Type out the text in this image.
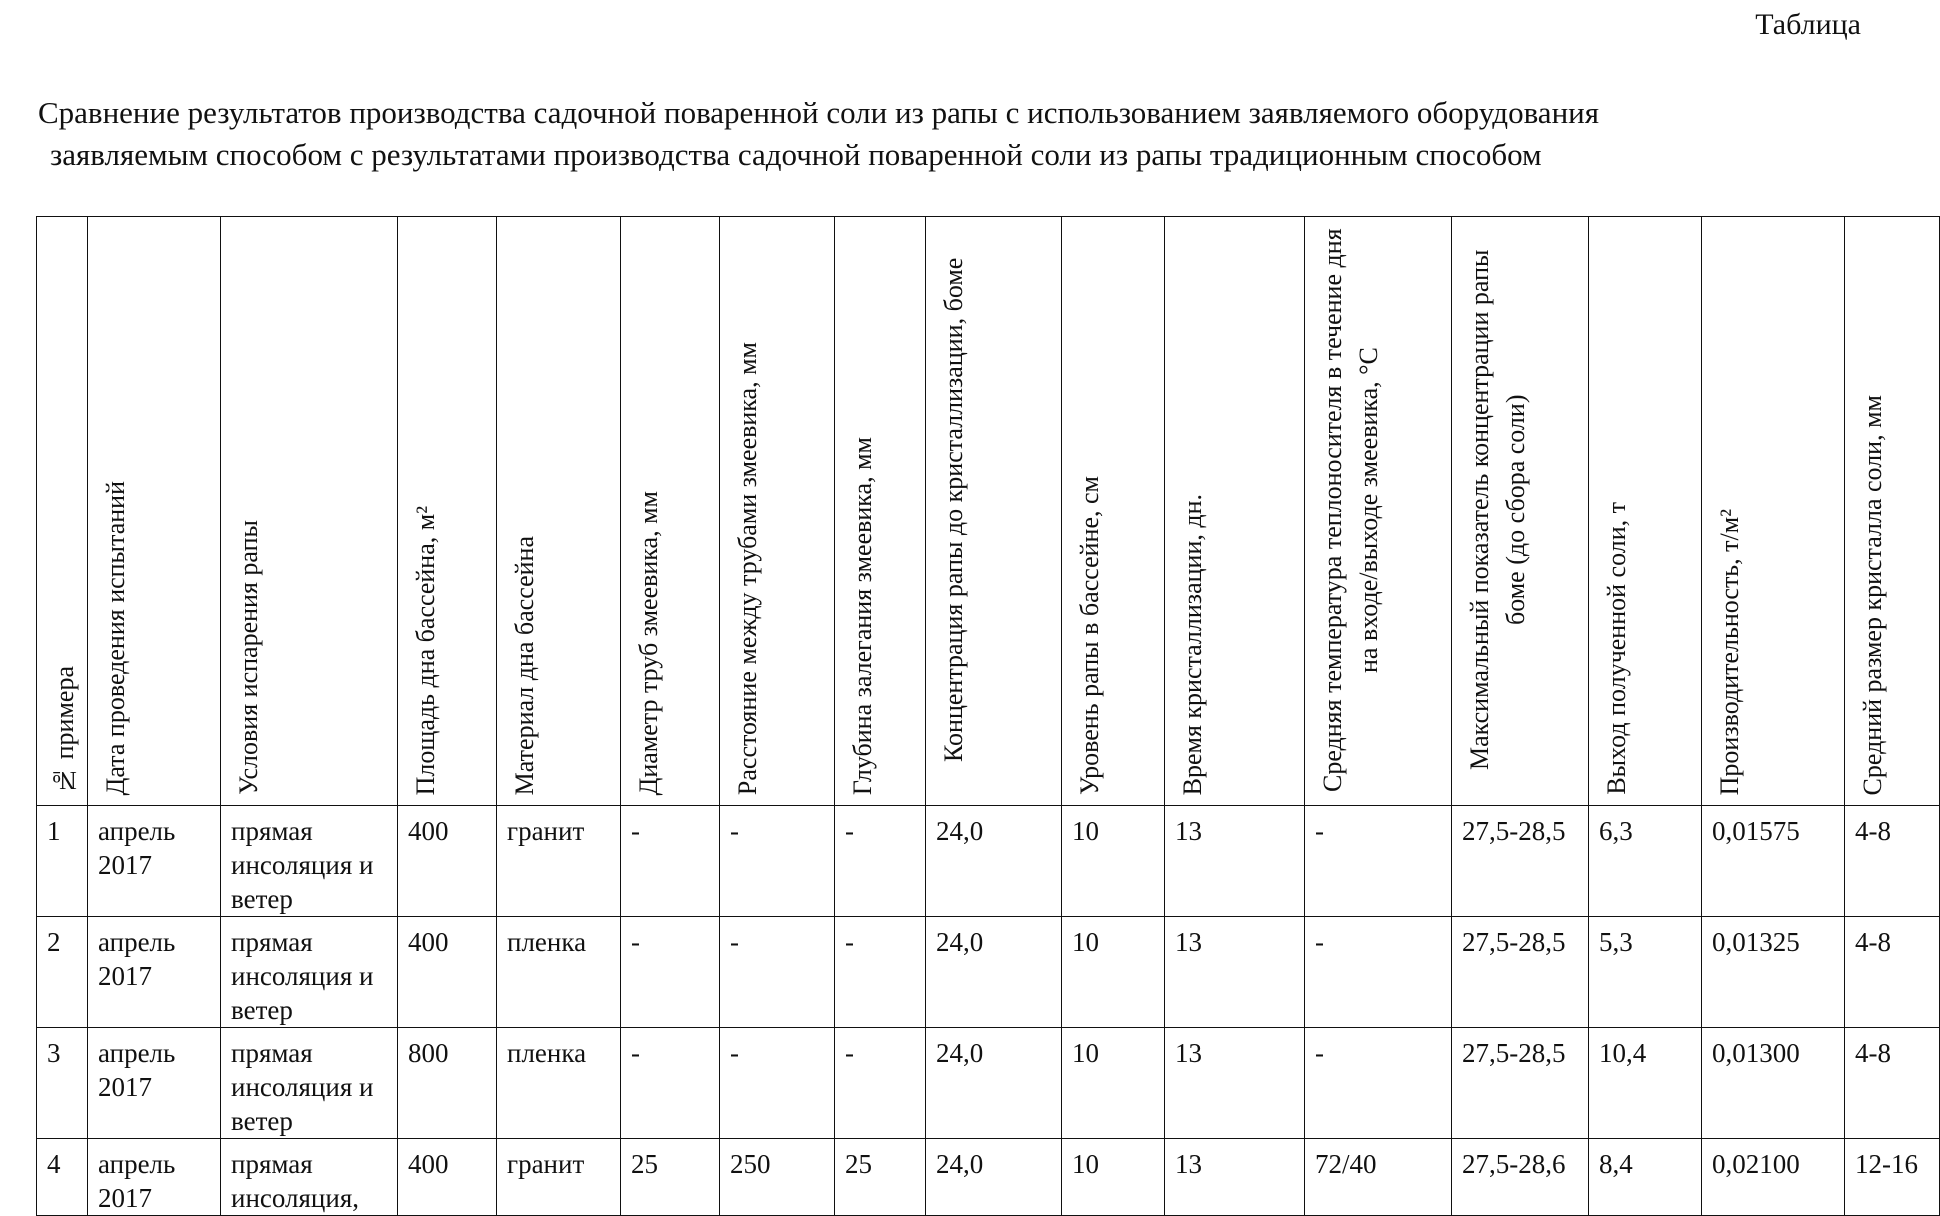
Таблица
Сравнение результатов производства садочной поваренной соли из рапы с использованием заявляемого оборудования
заявляемым способом с результатами производства садочной поваренной соли из рапы традиционным способом
№ примера	Дата проведения испытаний	Условия испарения рапы	Площадь дна бассейна, м²	Материал дна бассейна	Диаметр труб змеевика, мм	Расстояние между трубами змеевика, мм	Глубина залегания змеевика, мм	Концентрация рапы до кристаллизации, боме	Уровень рапы в бассейне, см	Время кристаллизации, дн.	Средняя температура теплоносителя в течение дня на входе/выходе змеевика, °С	Максимальный показатель концентрации рапы боме (до сбора соли)	Выход полученной соли, т	Производительность, т/м²	Средний размер кристалла соли, мм

1	апрель 2017	прямая инсоляция и ветер	400	гранит	-	-	-	24,0	10	13	-	27,5-28,5	6,3	0,01575	4-8
2	апрель 2017	прямая инсоляция и ветер	400	пленка	-	-	-	24,0	10	13	-	27,5-28,5	5,3	0,01325	4-8
3	апрель 2017	прямая инсоляция и ветер	800	пленка	-	-	-	24,0	10	13	-	27,5-28,5	10,4	0,01300	4-8
4	апрель 2017	прямая инсоляция,	400	гранит	25	250	25	24,0	10	13	72/40	27,5-28,6	8,4	0,02100	12-16
